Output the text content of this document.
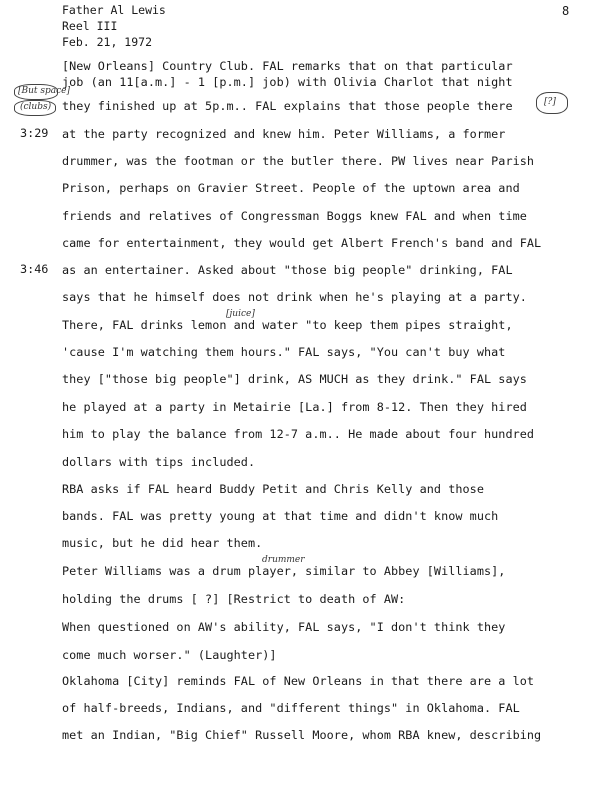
Father Al Lewis
Reel III
Feb. 21, 1972
8
[But space]
(clubs)	[?]
[juice]
drummer
3:29
3:46
[New Orleans] Country Club. FAL remarks that on that particular
job (an 11[a.m.] - 1 [p.m.] job) with Olivia Charlot that night
they finished up at 5p.m.. FAL explains that those people there
at the party recognized and knew him. Peter Williams, a former
drummer, was the footman or the butler there. PW lives near Parish
Prison, perhaps on Gravier Street. People of the uptown area and
friends and relatives of Congressman Boggs knew FAL and when time
came for entertainment, they would get Albert French's band and FAL
as an entertainer. Asked about "those big people" drinking, FAL
says that he himself does not drink when he's playing at a party.
There, FAL drinks lemon and water "to keep them pipes straight,
'cause I'm watching them hours." FAL says, "You can't buy what
they ["those big people"] drink, AS MUCH as they drink." FAL says
he played at a party in Metairie [La.] from 8-12. Then they hired
him to play the balance from 12-7 a.m.. He made about four hundred
dollars with tips included.
RBA asks if FAL heard Buddy Petit and Chris Kelly and those
bands. FAL was pretty young at that time and didn't know much
music, but he did hear them.
Peter Williams was a drum player, similar to Abbey [Williams],
holding the drums [ ?] [Restrict to death of AW:
When questioned on AW's ability, FAL says, "I don't think they
come much worser." (Laughter)]
Oklahoma [City] reminds FAL of New Orleans in that there are a lot
of half-breeds, Indians, and "different things" in Oklahoma. FAL
met an Indian, "Big Chief" Russell Moore, whom RBA knew, describing
